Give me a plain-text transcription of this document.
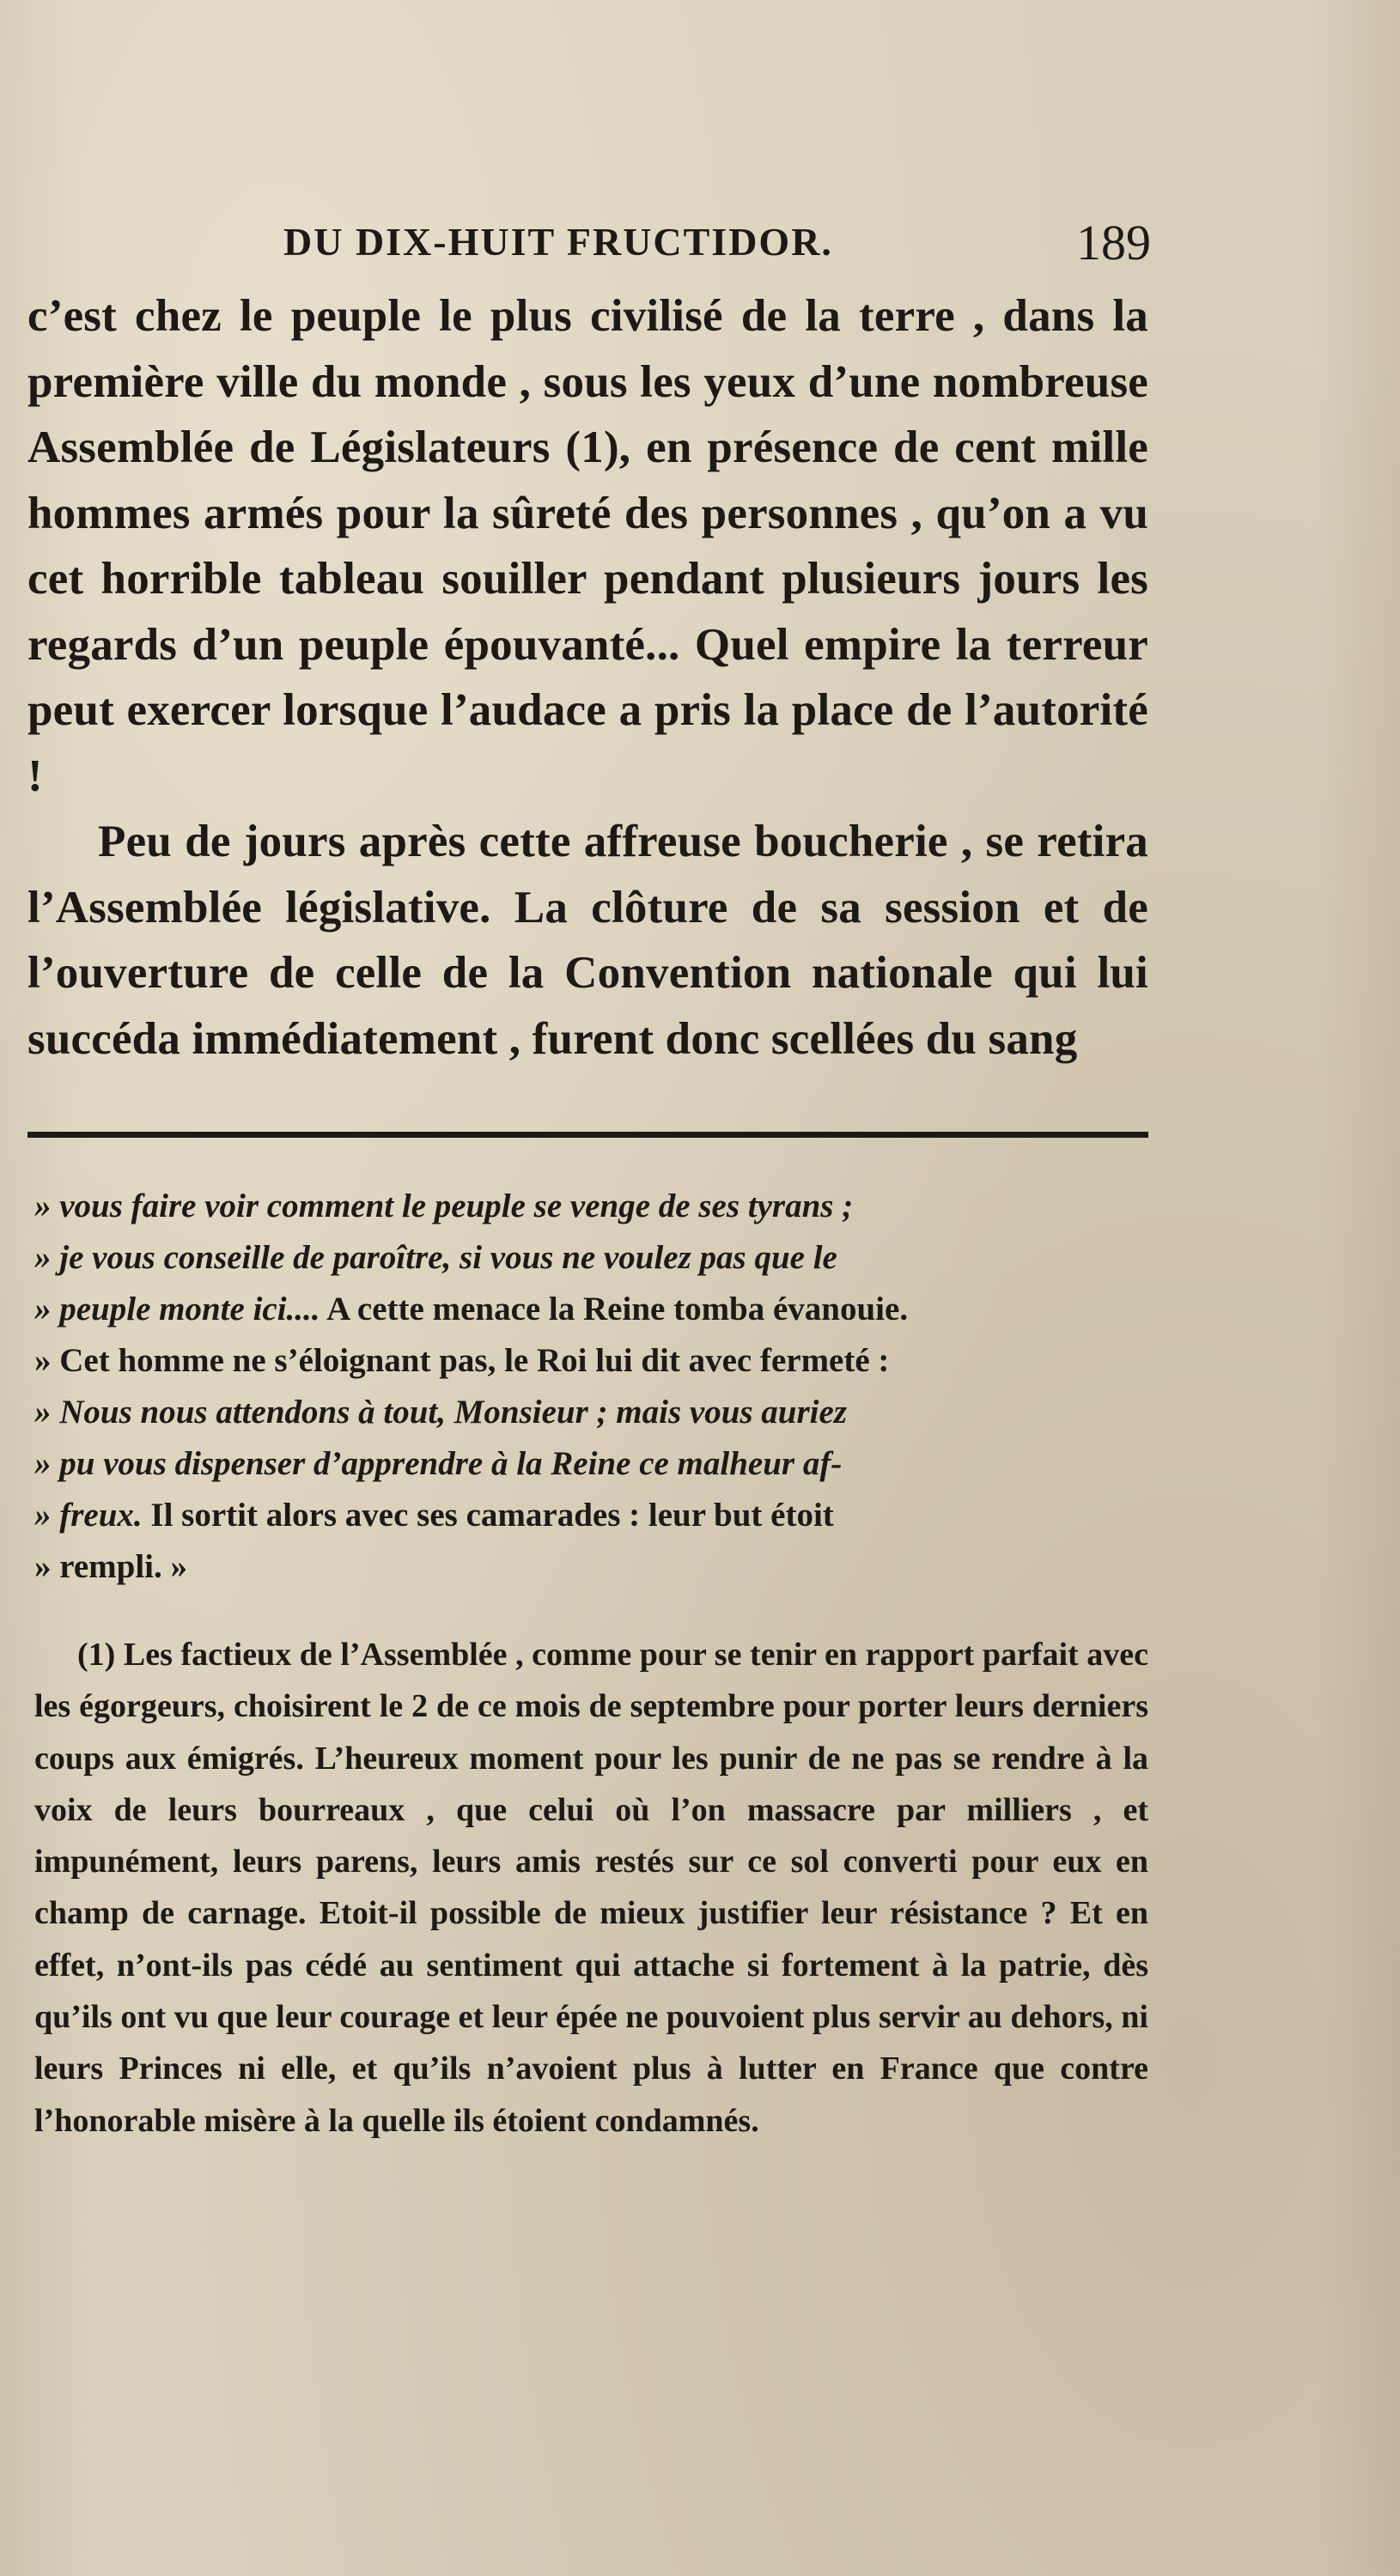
DU DIX-HUIT FRUCTIDOR.	189

c’est chez le peuple le plus civilisé de la terre , dans la première ville du monde , sous les yeux d’une nombreuse Assemblée de Législateurs (1), en présence de cent mille hommes armés pour la sûreté des personnes , qu’on a vu cet horrible tableau souiller pendant plusieurs jours les regards d’un peuple épouvanté... Quel empire la terreur peut exercer lorsque l’audace a pris la place de l’autorité !

Peu de jours après cette affreuse boucherie , se retira l’Assemblée législative. La clôture de sa session et de l’ouverture de celle de la Convention nationale qui lui succéda immédiatement , furent donc scellées du sang

» vous faire voir comment le peuple se venge de ses tyrans ;
» je vous conseille de paroître, si vous ne voulez pas que le
» peuple monte ici.... A cette menace la Reine tomba évanouie.
» Cet homme ne s’éloignant pas, le Roi lui dit avec fermeté :
» Nous nous attendons à tout, Monsieur ; mais vous auriez
» pu vous dispenser d’apprendre à la Reine ce malheur af-
» freux. Il sortit alors avec ses camarades : leur but étoit
» rempli. »

(1) Les factieux de l’Assemblée , comme pour se tenir en rapport parfait avec les égorgeurs, choisirent le 2 de ce mois de septembre pour porter leurs derniers coups aux émigrés. L’heureux moment pour les punir de ne pas se rendre à la voix de leurs bourreaux , que celui où l’on massacre par milliers , et impunément, leurs parens, leurs amis restés sur ce sol converti pour eux en champ de carnage. Etoit-il possible de mieux justifier leur résistance ? Et en effet, n’ont-ils pas cédé au sentiment qui attache si fortement à la patrie, dès qu’ils ont vu que leur courage et leur épée ne pouvoient plus servir au dehors, ni leurs Princes ni elle, et qu’ils n’avoient plus à lutter en France que contre l’honorable misère à la quelle ils étoient condamnés.
